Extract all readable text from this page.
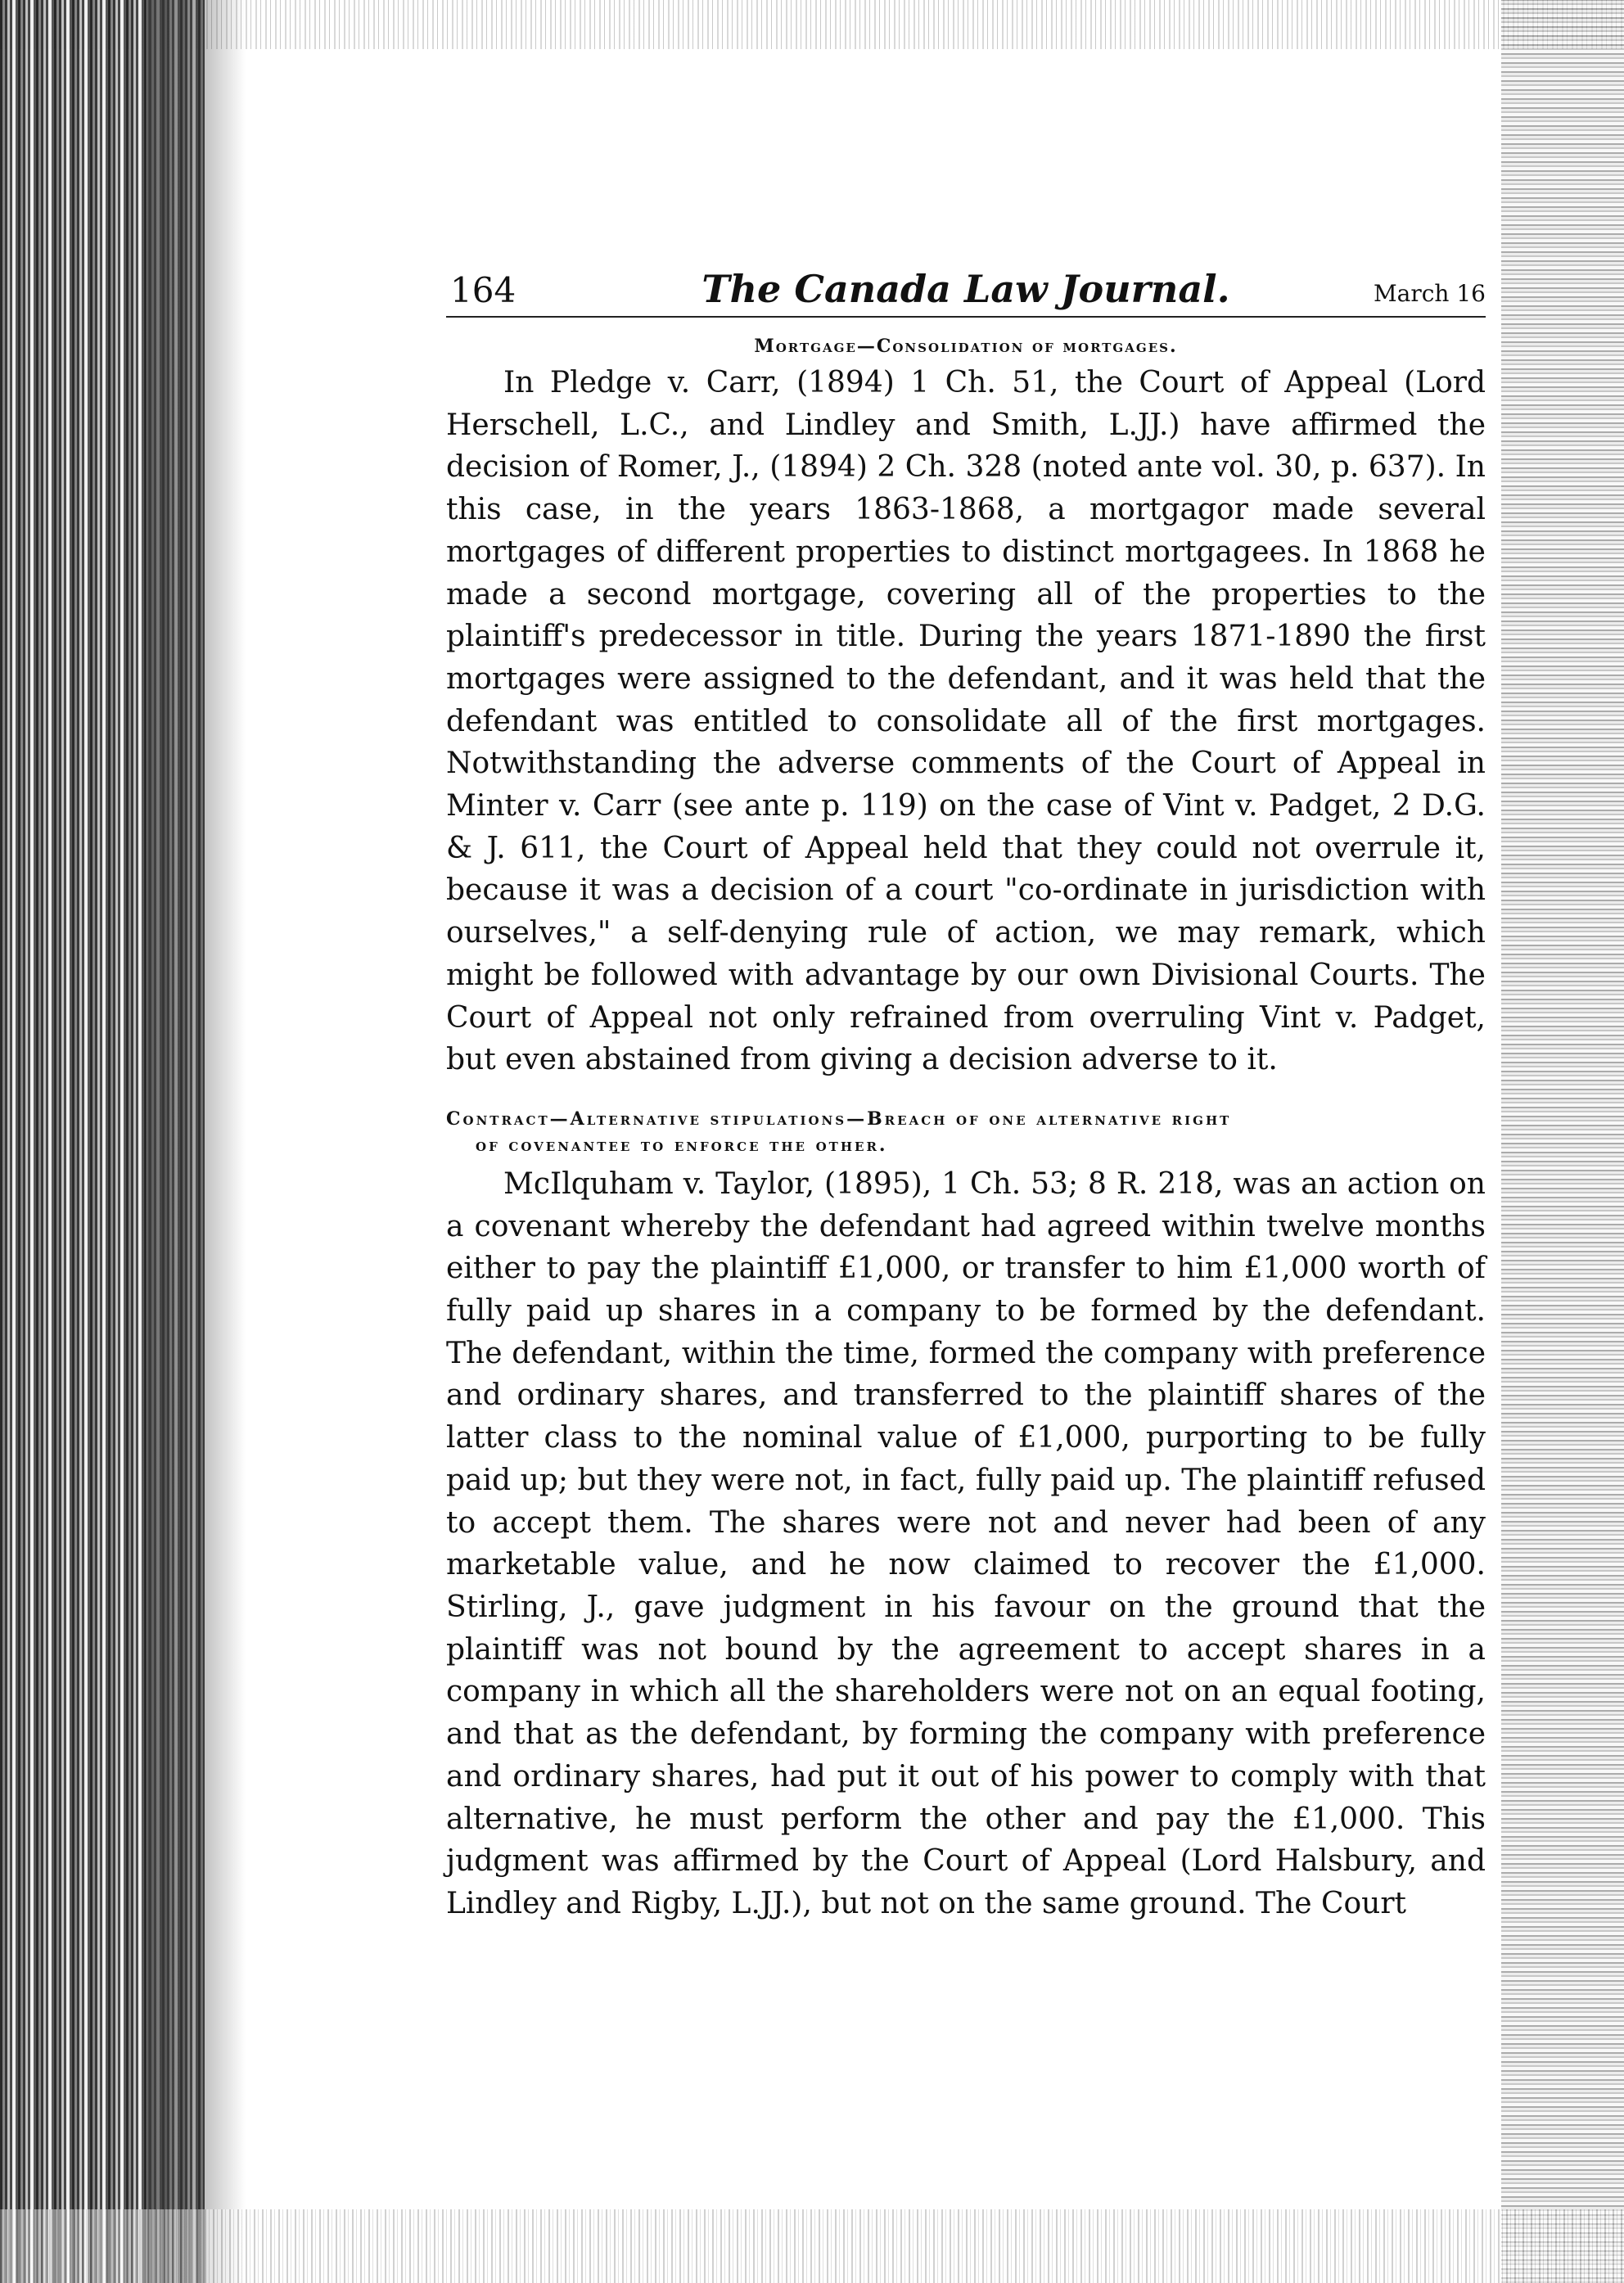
164	The Canada Law Journal.	March 16
Mortgage—Consolidation of mortgages.

In Pledge v. Carr, (1894) 1 Ch. 51, the Court of Appeal (Lord Herschell, L.C., and Lindley and Smith, L.JJ.) have affirmed the decision of Romer, J., (1894) 2 Ch. 328 (noted ante vol. 30, p. 637). In this case, in the years 1863-1868, a mortgagor made several mortgages of different properties to distinct mortgagees. In 1868 he made a second mortgage, covering all of the properties to the plaintiff's predecessor in title. During the years 1871-1890 the first mortgages were assigned to the defendant, and it was held that the defendant was entitled to consolidate all of the first mortgages. Notwithstanding the adverse comments of the Court of Appeal in Minter v. Carr (see ante p. 119) on the case of Vint v. Padget, 2 D.G. & J. 611, the Court of Appeal held that they could not overrule it, because it was a decision of a court "co-ordinate in jurisdiction with ourselves," a self-denying rule of action, we may remark, which might be followed with advantage by our own Divisional Courts. The Court of Appeal not only refrained from overruling Vint v. Padget, but even abstained from giving a decision adverse to it.

Contract—Alternative stipulations—Breach of one alternative right
of covenantee to enforce the other.

McIlquham v. Taylor, (1895), 1 Ch. 53; 8 R. 218, was an action on a covenant whereby the defendant had agreed within twelve months either to pay the plaintiff £1,000, or transfer to him £1,000 worth of fully paid up shares in a company to be formed by the defendant. The defendant, within the time, formed the company with preference and ordinary shares, and transferred to the plaintiff shares of the latter class to the nominal value of £1,000, purporting to be fully paid up; but they were not, in fact, fully paid up. The plaintiff refused to accept them. The shares were not and never had been of any marketable value, and he now claimed to recover the £1,000. Stirling, J., gave judgment in his favour on the ground that the plaintiff was not bound by the agreement to accept shares in a company in which all the shareholders were not on an equal footing, and that as the defendant, by forming the company with preference and ordinary shares, had put it out of his power to comply with that alternative, he must perform the other and pay the £1,000. This judgment was affirmed by the Court of Appeal (Lord Halsbury, and Lindley and Rigby, L.JJ.), but not on the same ground. The Court
